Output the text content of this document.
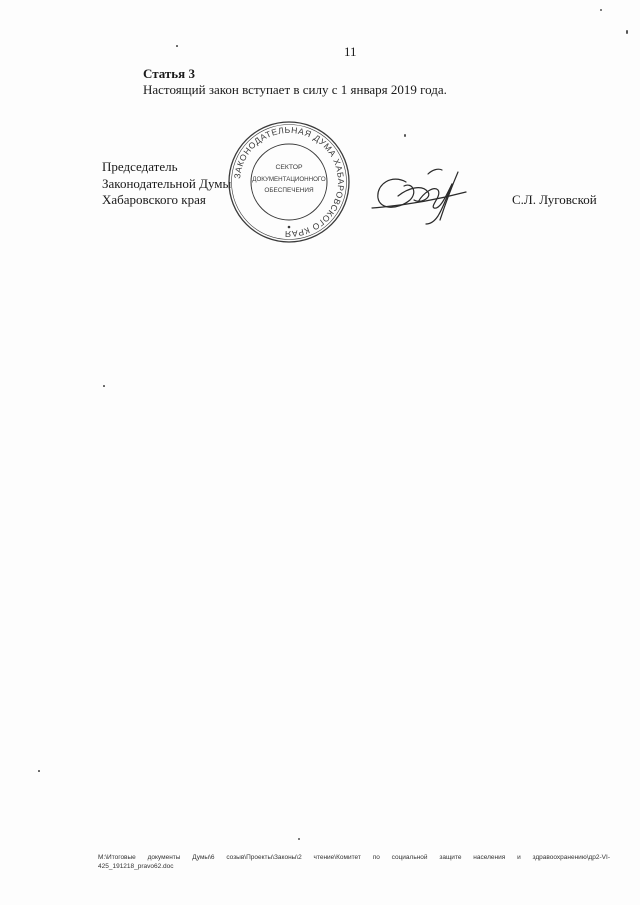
11
Статья 3
Настоящий закон вступает в силу с 1 января 2019 года.
Председатель
Законодательной Думы
Хабаровского края
ЗАКОНОДАТЕЛЬНАЯ ДУМА ХАБАРОВСКОГО КРАЯ
СЕКТОР
ДОКУМЕНТАЦИОННОГО
ОБЕСПЕЧЕНИЯ
С.Л. Луговской
M:\Итоговые документы Думы\6 созыв\Проекты\Законы\2 чтение\Комитет по социальной защите населения и здравоохранению\др2-VI-
425_191218_pravo62.doc
